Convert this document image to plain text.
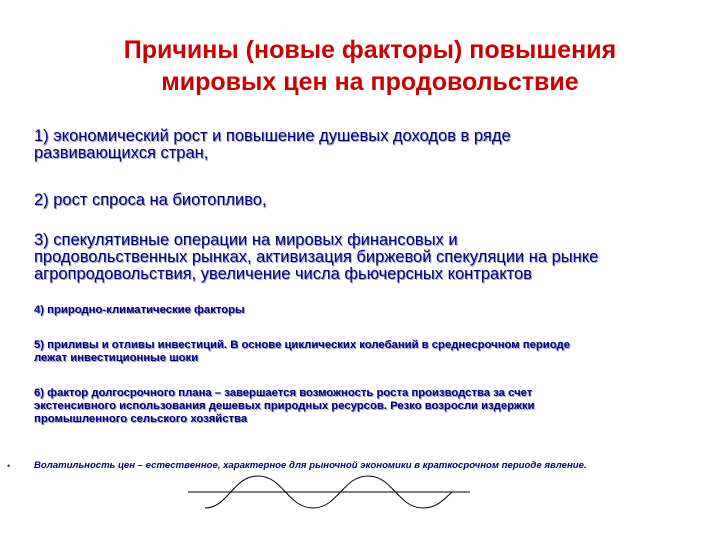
Причины (новые факторы) повышения
мировых цен на продовольствие

1) экономический рост и повышение душевых доходов в ряде
развивающихся стран,

2) рост спроса на биотопливо,

3) спекулятивные операции на мировых финансовых и
продовольственных рынках, активизация биржевой спекуляции на рынке
агропродовольствия, увеличение числа фьючерсных контрактов

4) природно-климатические факторы

5) приливы и отливы инвестиций. В основе циклических колебаний в среднесрочном периоде
лежат инвестиционные шоки

6) фактор долгосрочного плана – завершается возможность роста производства за счет
экстенсивного использования дешевых природных ресурсов. Резко возросли издержки
промышленного сельского хозяйства

• Волатильность цен – естественное, характерное для рыночной экономики в краткосрочном периоде явление.
